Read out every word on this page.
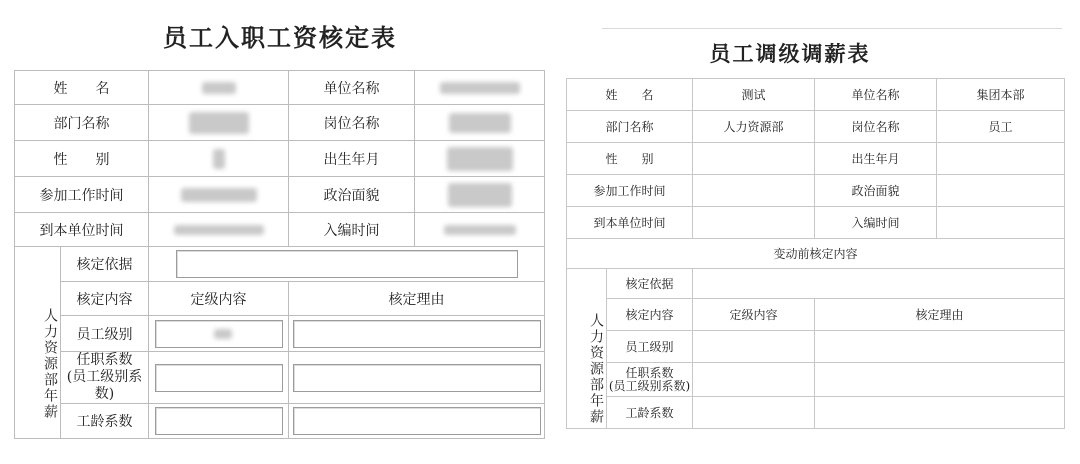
员工入职工资核定表
姓　　名			单位名称	
部门名称			岗位名称	
性　　别			出生年月	
参加工作时间			政治面貌	
到本单位时间			入编时间	
人力资源部年薪	核定依据			

	核定内容	定级内容	核定理由	
	员工级别		

	任职系数
(员工级别系数)		

	工龄系数		

员工调级调薪表
姓　　名		测试	单位名称	集团本部
部门名称		人力资源部	岗位名称	员工
性　　别			出生年月	
参加工作时间			政治面貌	
到本单位时间			入编时间	
变动前核定内容				
人力资源部年薪	核定依据			
	核定内容	定级内容	核定理由	
	员工级别			
	任职系数
(员工级别系数)			
	工龄系数			
